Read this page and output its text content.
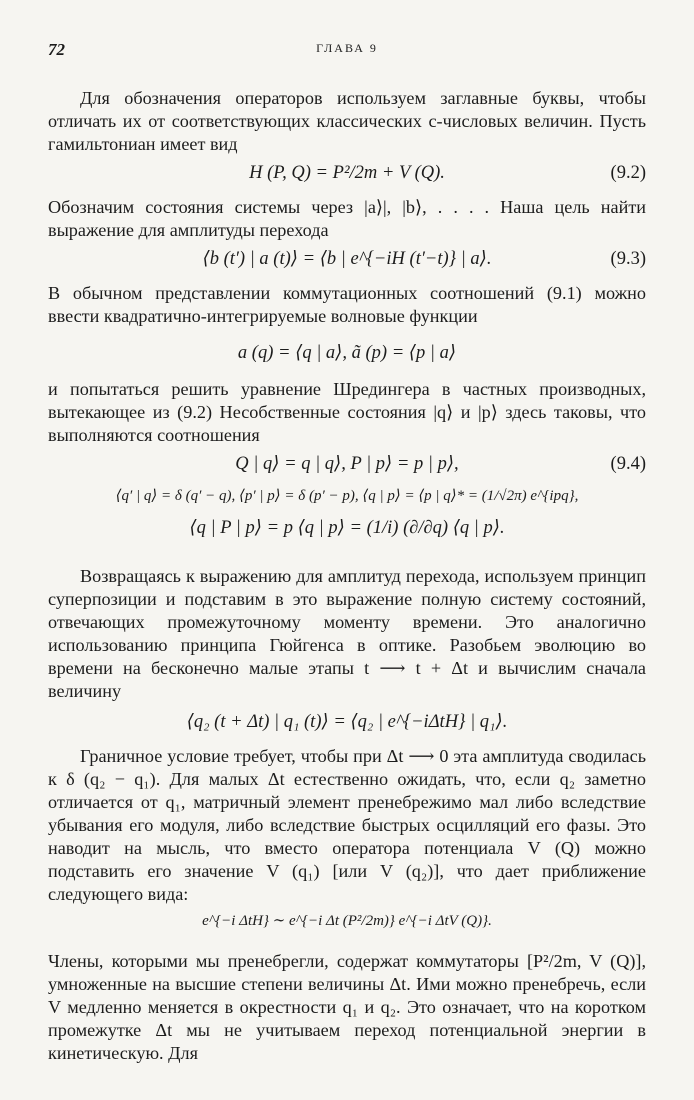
72	ГЛАВА 9

Для обозначения операторов используем заглавные буквы, чтобы отличать их от соответствующих классических c-числовых величин. Пусть гамильтониан имеет вид

H (P, Q) = P²/2m + V (Q).	(9.2)

Обозначим состояния системы через |a⟩|, |b⟩, . . . . Наша цель найти выражение для амплитуды перехода

⟨b (t′) | a (t)⟩ = ⟨b | e^{−iH (t′−t)} | a⟩.	(9.3)

В обычном представлении коммутационных соотношений (9.1) можно ввести квадратично-интегрируемые волновые функции

a (q) = ⟨q | a⟩, ã (p) = ⟨p | a⟩

и попытаться решить уравнение Шредингера в частных производных, вытекающее из (9.2) Несобственные состояния |q⟩ и |p⟩ здесь таковы, что выполняются соотношения

Q | q⟩ = q | q⟩, P | p⟩ = p | p⟩,	(9.4)
⟨q′ | q⟩ = δ (q′ − q), ⟨p′ | p⟩ = δ (p′ − p), ⟨q | p⟩ = ⟨p | q⟩* = (1/√2π) e^{ipq},
⟨q | P | p⟩ = p ⟨q | p⟩ = (1/i) (∂/∂q) ⟨q | p⟩.

Возвращаясь к выражению для амплитуд перехода, используем принцип суперпозиции и подставим в это выражение полную систему состояний, отвечающих промежуточному моменту времени. Это аналогично использованию принципа Гюйгенса в оптике. Разобьем эволюцию во времени на бесконечно малые этапы t ⟶ t + Δt и вычислим сначала величину

⟨q₂ (t + Δt) | q₁ (t)⟩ = ⟨q₂ | e^{−iΔtH} | q₁⟩.

Граничное условие требует, чтобы при Δt ⟶ 0 эта амплитуда сводилась к δ (q₂ − q₁). Для малых Δt естественно ожидать, что, если q₂ заметно отличается от q₁, матричный элемент пренебрежимо мал либо вследствие убывания его модуля, либо вследствие быстрых осцилляций его фазы. Это наводит на мысль, что вместо оператора потенциала V (Q) можно подставить его значение V (q₁) [или V (q₂)], что дает приближение следующего вида:

e^{−i ΔtH} ∼ e^{−i Δt (P²/2m)} e^{−i ΔtV (Q)}.

Члены, которыми мы пренебрегли, содержат коммутаторы [P²/2m, V (Q)], умноженные на высшие степени величины Δt. Ими можно пренебречь, если V медленно меняется в окрестности q₁ и q₂. Это означает, что на коротком промежутке Δt мы не учитываем переход потенциальной энергии в кинетическую. Для
